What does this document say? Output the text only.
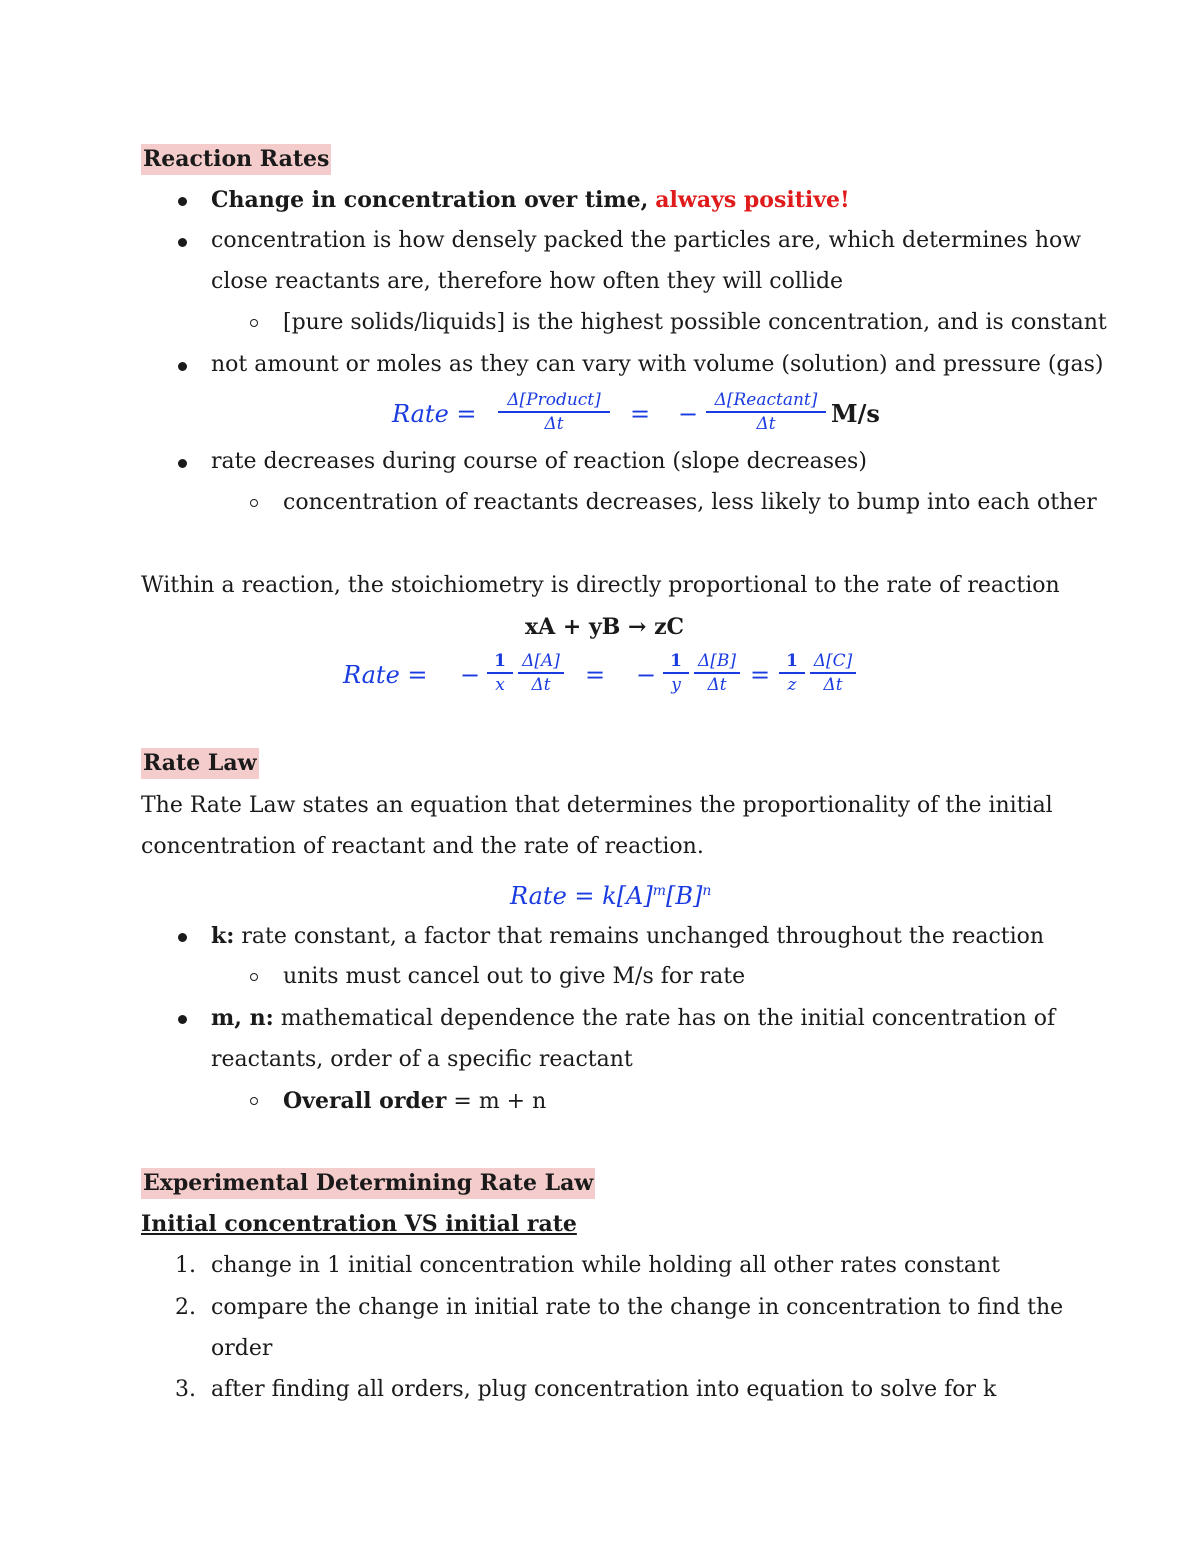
Reaction Rates
Change in concentration over time, always positive!
concentration is how densely packed the particles are, which determines how
close reactants are, therefore how often they will collide
[pure solids/liquids] is the highest possible concentration, and is constant
not amount or moles as they can vary with volume (solution) and pressure (gas)
Rate =	Δ[Product]
Δt	= − Δ[Reactant]
Δt	M/s
rate decreases during course of reaction (slope decreases)
concentration of reactants decreases, less likely to bump into each other
Within a reaction, the stoichiometry is directly proportional to the rate of reaction
xA + yB → zC
Rate = − $\frac{1}{x} \frac{\Delta[A]}{\Delta t}$ = − $\frac{1}{y} \frac{\Delta[B]}{\Delta t} = \frac{1}{z} \frac{\Delta[C]}{\Delta t}$
Rate Law
The Rate Law states an equation that determines the proportionality of the initial
concentration of reactant and the rate of reaction.
Rate = $k[A]^m[B]^n$
k: rate constant, a factor that remains unchanged throughout the reaction
units must cancel out to give M/s for rate
m, n: mathematical dependence the rate has on the initial concentration of
reactants, order of a specific reactant
Overall order = m + n
Experimental Determining Rate Law
Initial concentration VS initial rate
1. change in 1 initial concentration while holding all other rates constant
2. compare the change in initial rate to the change in concentration to find the
order
3. after finding all orders, plug concentration into equation to solve for k
